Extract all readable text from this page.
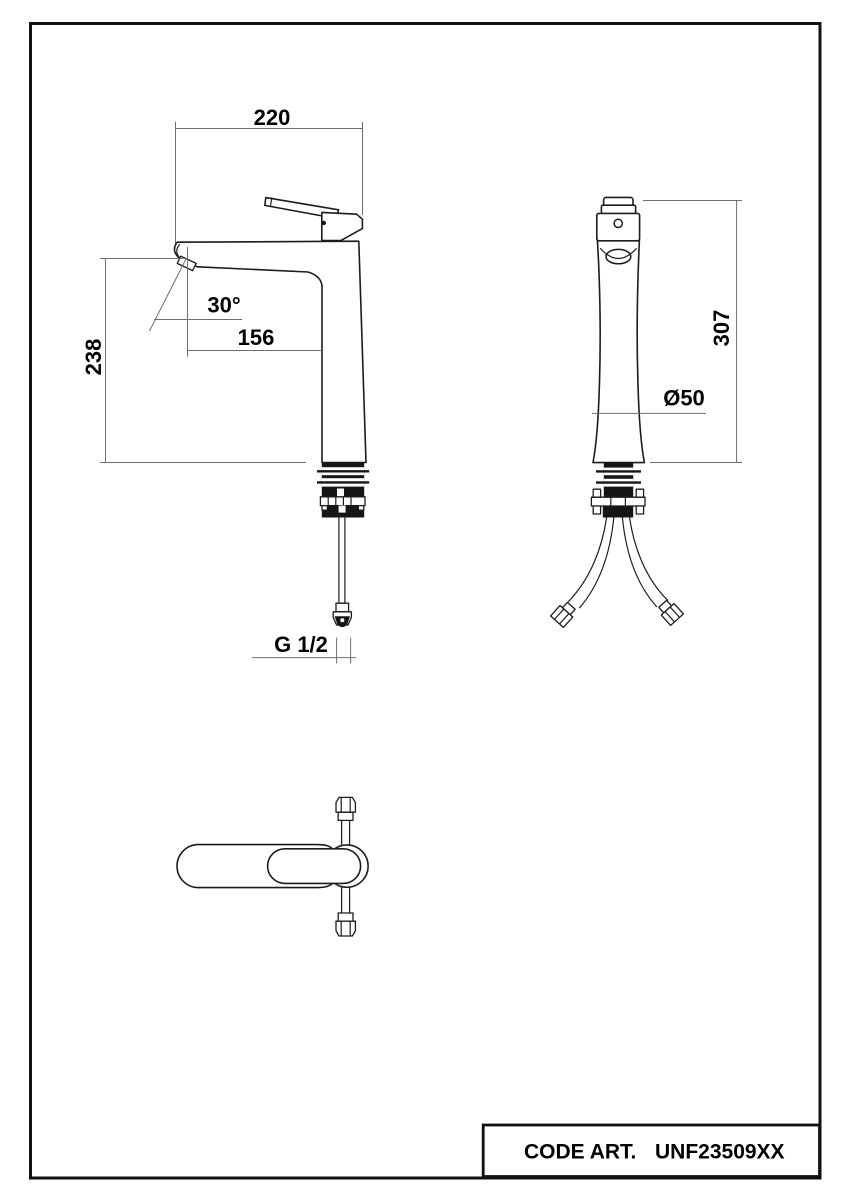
220
30°
156
238
G 1/2
307
Ø50
CODE ART. UNF23509XX
